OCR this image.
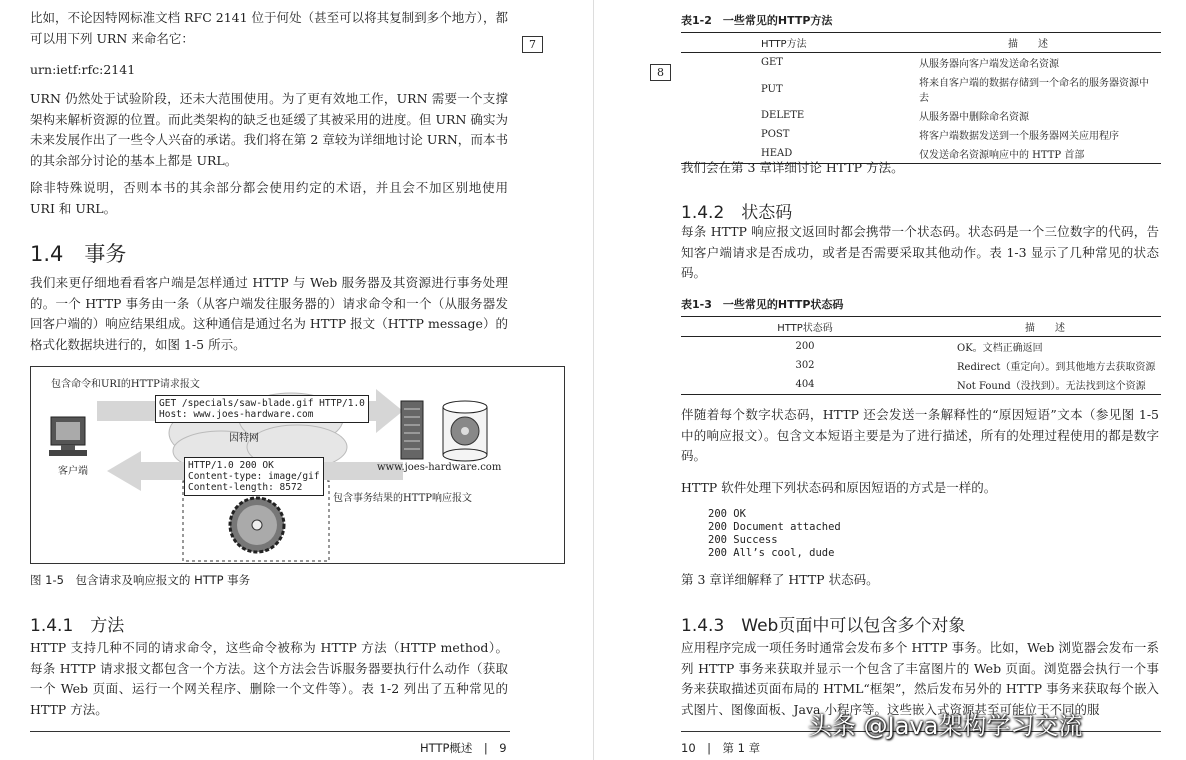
比如，不论因特网标准文档 RFC 2141 位于何处（甚至可以将其复制到多个地方），都可以用下列 URN 来命名它：	7

urn:ietf:rfc:2141

URN 仍然处于试验阶段，还未大范围使用。为了更有效地工作，URN 需要一个支撑架构来解析资源的位置。而此类架构的缺乏也延缓了其被采用的进度。但 URN 确实为未来发展作出了一些令人兴奋的承诺。我们将在第 2 章较为详细地讨论 URN，而本书的其余部分讨论的基本上都是 URL。

除非特殊说明，否则本书的其余部分都会使用约定的术语，并且会不加区别地使用 URI 和 URL。

1.4　事务

我们来更仔细地看看客户端是怎样通过 HTTP 与 Web 服务器及其资源进行事务处理的。一个 HTTP 事务由一条（从客户端发往服务器的）请求命令和一个（从服务器发回客户端的）响应结果组成。这种通信是通过名为 HTTP 报文（HTTP message）的格式化数据块进行的，如图 1-5 所示。

包含命令和URI的HTTP请求报文
GET /specials/saw-blade.gif HTTP/1.0
Host: www.joes-hardware.com
因特网
客户端	www.joes-hardware.com
HTTP/1.0 200 OK
Content-type: image/gif
Content-length: 8572
包含事务结果的HTTP响应报文
图 1-5　包含请求及响应报文的 HTTP 事务
1.4.1　方法

HTTP 支持几种不同的请求命令，这些命令被称为 HTTP 方法（HTTP method）。每条 HTTP 请求报文都包含一个方法。这个方法会告诉服务器要执行什么动作（获取一个 Web 页面、运行一个网关程序、删除一个文件等）。表 1-2 列出了五种常见的 HTTP 方法。

HTTP概述　|　9
表1-2　一些常见的HTTP方法
8
HTTP方法	描　　述
GET	从服务器向客户端发送命名资源
PUT	将来自客户端的数据存储到一个命名的服务器资源中去
DELETE	从服务器中删除命名资源
POST	将客户端数据发送到一个服务器网关应用程序
HEAD	仅发送命名资源响应中的 HTTP 首部

我们会在第 3 章详细讨论 HTTP 方法。

1.4.2　状态码

每条 HTTP 响应报文返回时都会携带一个状态码。状态码是一个三位数字的代码，告知客户端请求是否成功，或者是否需要采取其他动作。表 1-3 显示了几种常见的状态码。

表1-3　一些常见的HTTP状态码
HTTP状态码	描　　述
200	OK。文档正确返回
302	Redirect（重定向）。到其他地方去获取资源
404	Not Found（没找到）。无法找到这个资源

伴随着每个数字状态码，HTTP 还会发送一条解释性的“原因短语”文本（参见图 1-5 中的响应报文）。包含文本短语主要是为了进行描述，所有的处理过程使用的都是数字码。

HTTP 软件处理下列状态码和原因短语的方式是一样的。

200 OK
200 Document attached
200 Success
200 All’s cool, dude

第 3 章详细解释了 HTTP 状态码。

1.4.3　Web页面中可以包含多个对象

应用程序完成一项任务时通常会发布多个 HTTP 事务。比如，Web 浏览器会发布一系列 HTTP 事务来获取并显示一个包含了丰富图片的 Web 页面。浏览器会执行一个事务来获取描述页面布局的 HTML“框架”，然后发布另外的 HTTP 事务来获取每个嵌入式图片、图像面板、Java 小程序等。这些嵌入式资源甚至可能位于不同的服

10　|　第 1 章
头条 @Java架构学习交流
